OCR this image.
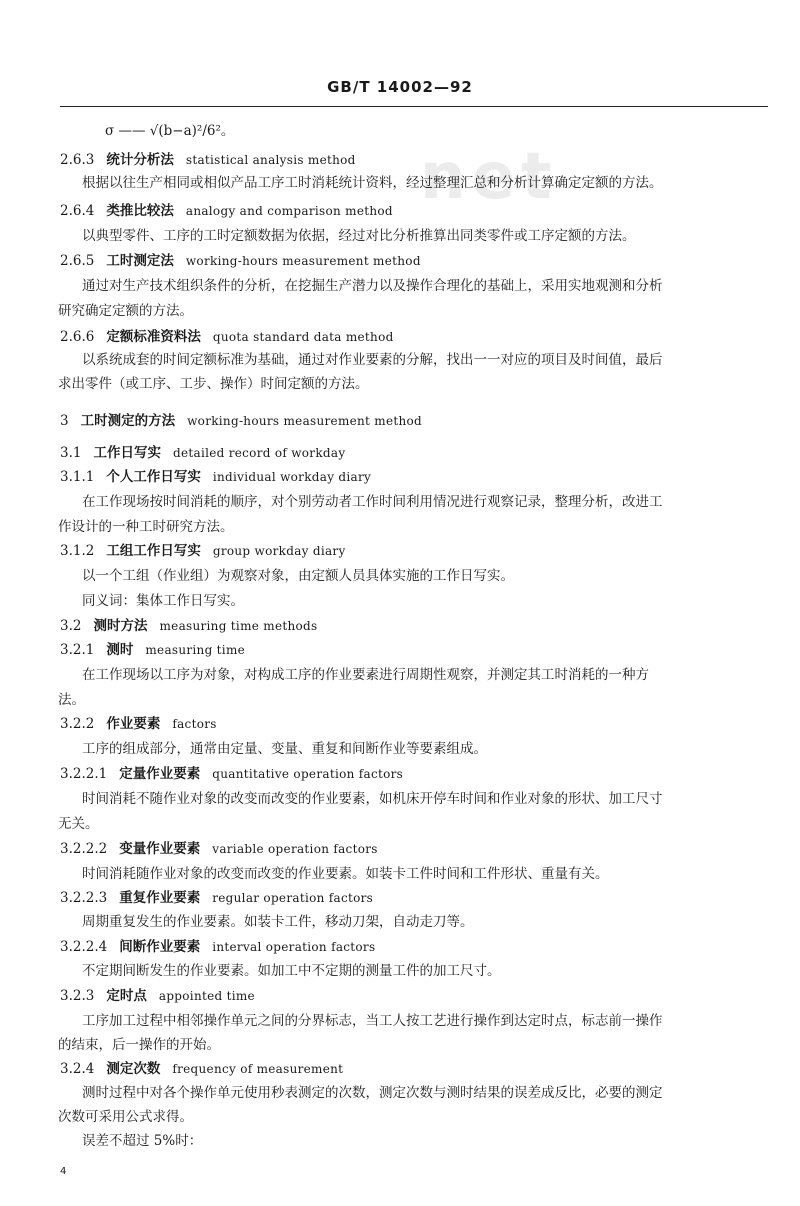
GB/T 14002—92
net
σ —— √(b−a)²/6²。
2.6.3 统计分析法 statistical analysis method
根据以往生产相同或相似产品工序工时消耗统计资料，经过整理汇总和分析计算确定定额的方法。
2.6.4 类推比较法 analogy and comparison method
以典型零件、工序的工时定额数据为依据，经过对比分析推算出同类零件或工序定额的方法。
2.6.5 工时测定法 working-hours measurement method
通过对生产技术组织条件的分析，在挖掘生产潜力以及操作合理化的基础上，采用实地观测和分析
研究确定定额的方法。
2.6.6 定额标准资料法 quota standard data method
以系统成套的时间定额标准为基础，通过对作业要素的分解，找出一一对应的项目及时间值，最后
求出零件（或工序、工步、操作）时间定额的方法。
3 工时测定的方法 working-hours measurement method
3.1 工作日写实 detailed record of workday
3.1.1 个人工作日写实 individual workday diary
在工作现场按时间消耗的顺序，对个别劳动者工作时间利用情况进行观察记录，整理分析，改进工
作设计的一种工时研究方法。
3.1.2 工组工作日写实 group workday diary
以一个工组（作业组）为观察对象，由定额人员具体实施的工作日写实。
同义词：集体工作日写实。
3.2 测时方法 measuring time methods
3.2.1 测时 measuring time
在工作现场以工序为对象，对构成工序的作业要素进行周期性观察，并测定其工时消耗的一种方
法。
3.2.2 作业要素 factors
工序的组成部分，通常由定量、变量、重复和间断作业等要素组成。
3.2.2.1 定量作业要素 quantitative operation factors
时间消耗不随作业对象的改变而改变的作业要素，如机床开停车时间和作业对象的形状、加工尺寸
无关。
3.2.2.2 变量作业要素 variable operation factors
时间消耗随作业对象的改变而改变的作业要素。如装卡工件时间和工件形状、重量有关。
3.2.2.3 重复作业要素 regular operation factors
周期重复发生的作业要素。如装卡工件，移动刀架，自动走刀等。
3.2.2.4 间断作业要素 interval operation factors
不定期间断发生的作业要素。如加工中不定期的测量工件的加工尺寸。
3.2.3 定时点 appointed time
工序加工过程中相邻操作单元之间的分界标志，当工人按工艺进行操作到达定时点，标志前一操作
的结束，后一操作的开始。
3.2.4 测定次数 frequency of measurement
测时过程中对各个操作单元使用秒表测定的次数，测定次数与测时结果的误差成反比，必要的测定
次数可采用公式求得。
误差不超过 5%时：
4
